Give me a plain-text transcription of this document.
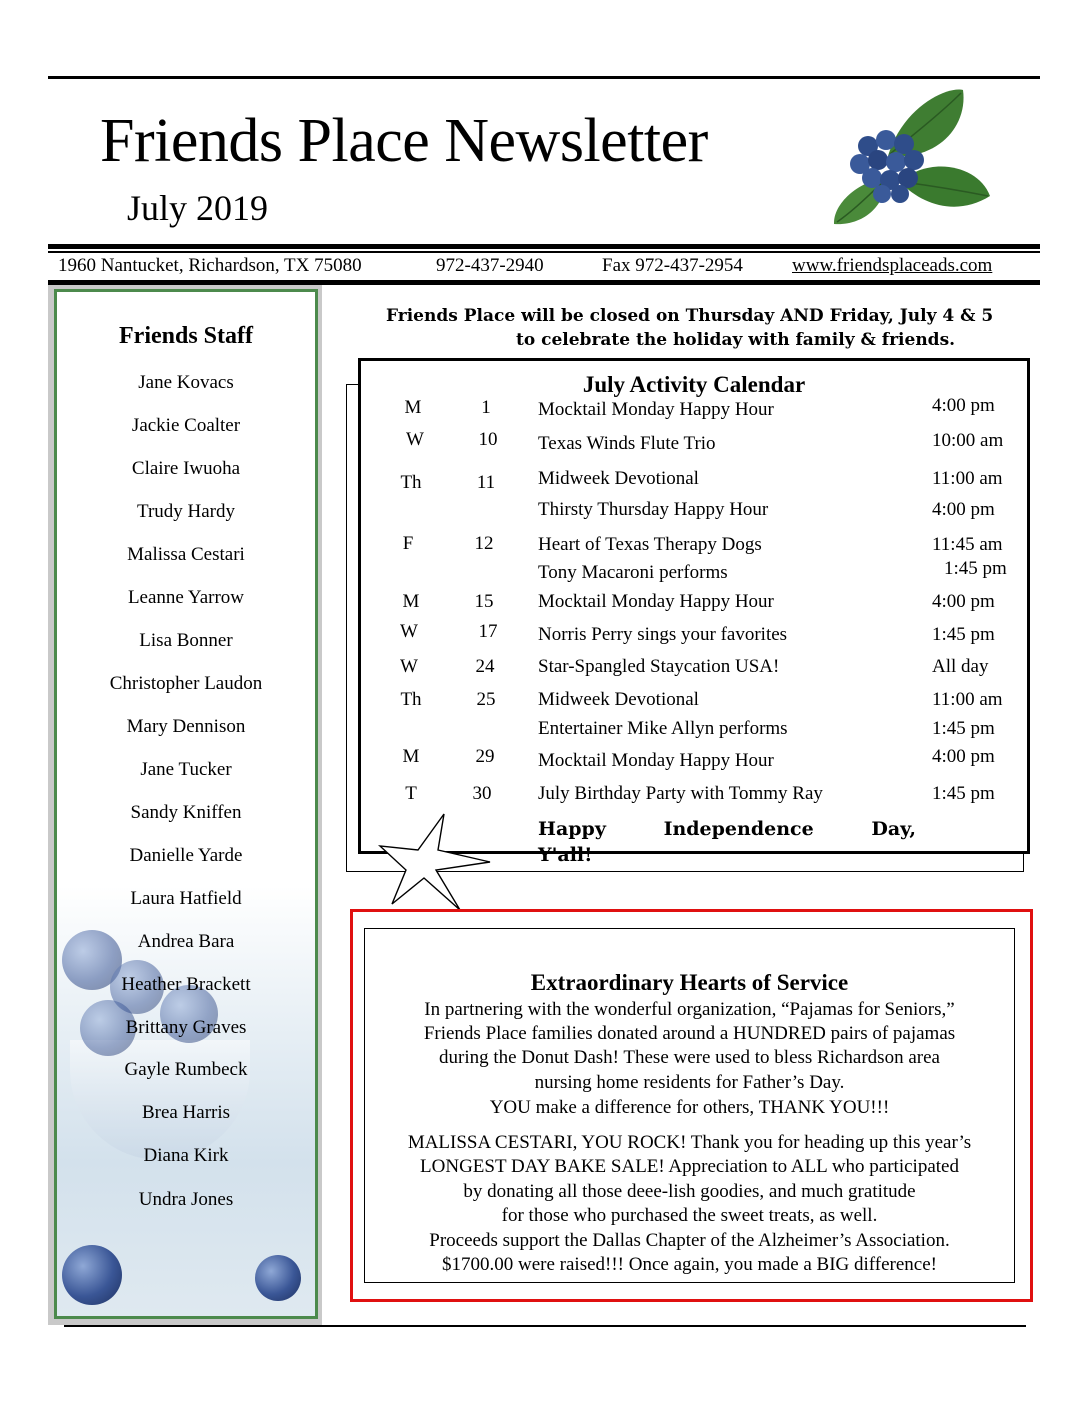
Friends Place Newsletter
July 2019
1960 Nantucket, Richardson, TX 75080	972-437-2940	Fax 972-437-2954	www.friendsplaceads.com
Friends Staff
Jane Kovacs
Jackie Coalter
Claire Iwuoha
Trudy Hardy
Malissa Cestari
Leanne Yarrow
Lisa Bonner
Christopher Laudon
Mary Dennison
Jane Tucker
Sandy Kniffen
Danielle Yarde
Laura Hatfield
Andrea Bara
Heather Brackett
Brittany Graves
Gayle Rumbeck
Brea Harris
Diana Kirk
Undra Jones
Friends Place will be closed on Thursday AND Friday, July 4 & 5
to celebrate the holiday with family & friends.
July Activity Calendar
M	1	Mocktail Monday Happy Hour	4:00 pm
W	10	Texas Winds Flute Trio	10:00 am
Th	11	Midweek Devotional	11:00 am
Thirsty Thursday Happy Hour	4:00 pm
F	12	Heart of Texas Therapy Dogs	11:45 am
Tony Macaroni performs	1:45 pm
M	15	Mocktail Monday Happy Hour	4:00 pm
W	17	Norris Perry sings your favorites	1:45 pm
W	24	Star-Spangled Staycation USA!	All day
Th	25	Midweek Devotional	11:00 am
Entertainer Mike Allyn performs	1:45 pm
M	29	Mocktail Monday Happy Hour	4:00 pm
T	30	July Birthday Party with Tommy Ray	1:45 pm
Happy Independence Day,
Y'all!
Extraordinary Hearts of Service
In partnering with the wonderful organization, “Pajamas for Seniors,”
Friends Place families donated around a HUNDRED pairs of pajamas
during the Donut Dash! These were used to bless Richardson area
nursing home residents for Father’s Day.
YOU make a difference for others, THANK YOU!!!
MALISSA CESTARI, YOU ROCK! Thank you for heading up this year’s
LONGEST DAY BAKE SALE! Appreciation to ALL who participated
by donating all those deee-lish goodies, and much gratitude
for those who purchased the sweet treats, as well.
Proceeds support the Dallas Chapter of the Alzheimer’s Association.
$1700.00 were raised!!! Once again, you made a BIG difference!
